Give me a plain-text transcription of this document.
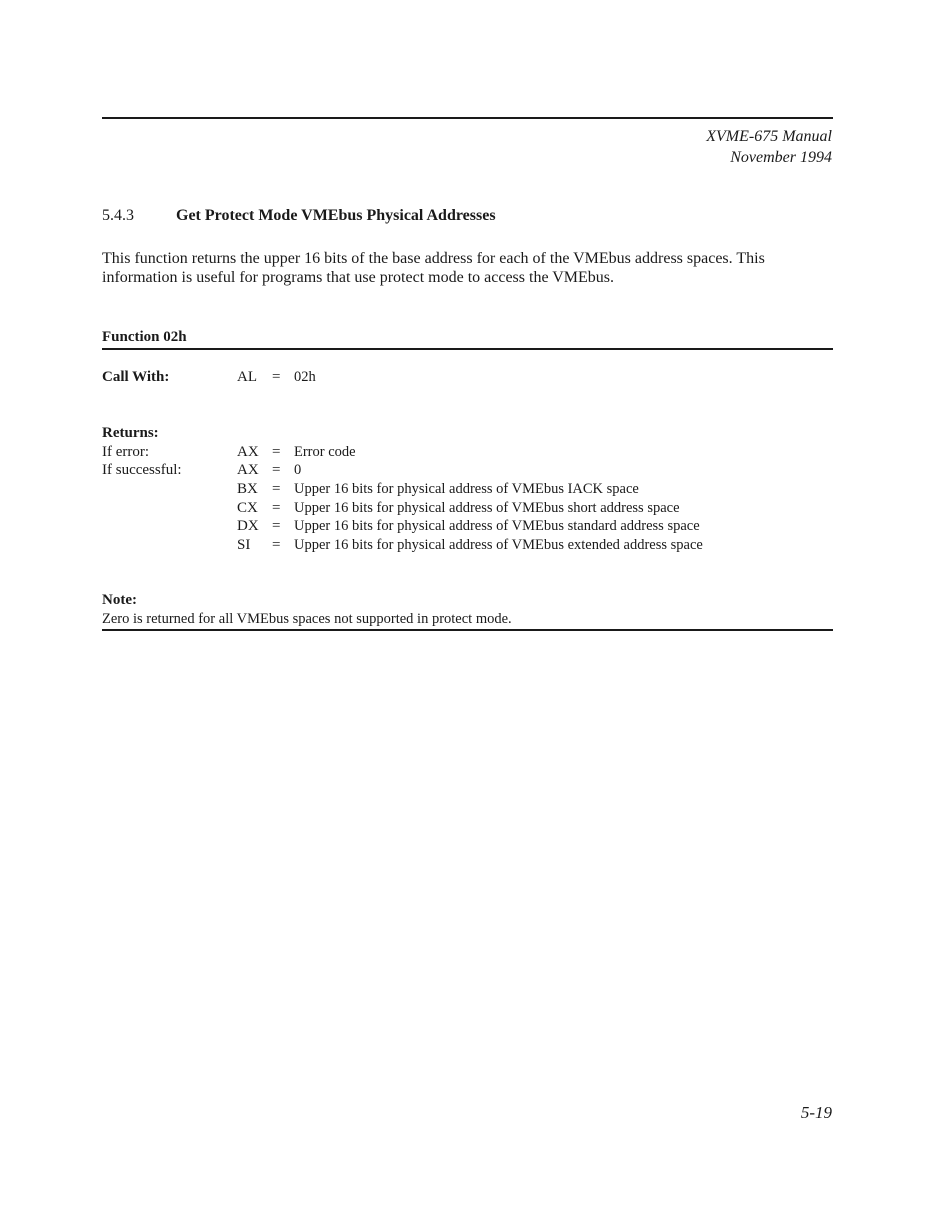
XVME-675 Manual
November 1994
5.4.3	Get Protect Mode VMEbus Physical Addresses
This function returns the upper 16 bits of the base address for each of the VMEbus address spaces. This information is useful for programs that use protect mode to access the VMEbus.
Function 02h
Call With:	AL = 02h
Returns:
If error:	AX = Error code
If successful:	AX = 0
BX = Upper 16 bits for physical address of VMEbus IACK space
CX = Upper 16 bits for physical address of VMEbus short address space
DX = Upper 16 bits for physical address of VMEbus standard address space
SI = Upper 16 bits for physical address of VMEbus extended address space
Note:
Zero is returned for all VMEbus spaces not supported in protect mode.
5-19
